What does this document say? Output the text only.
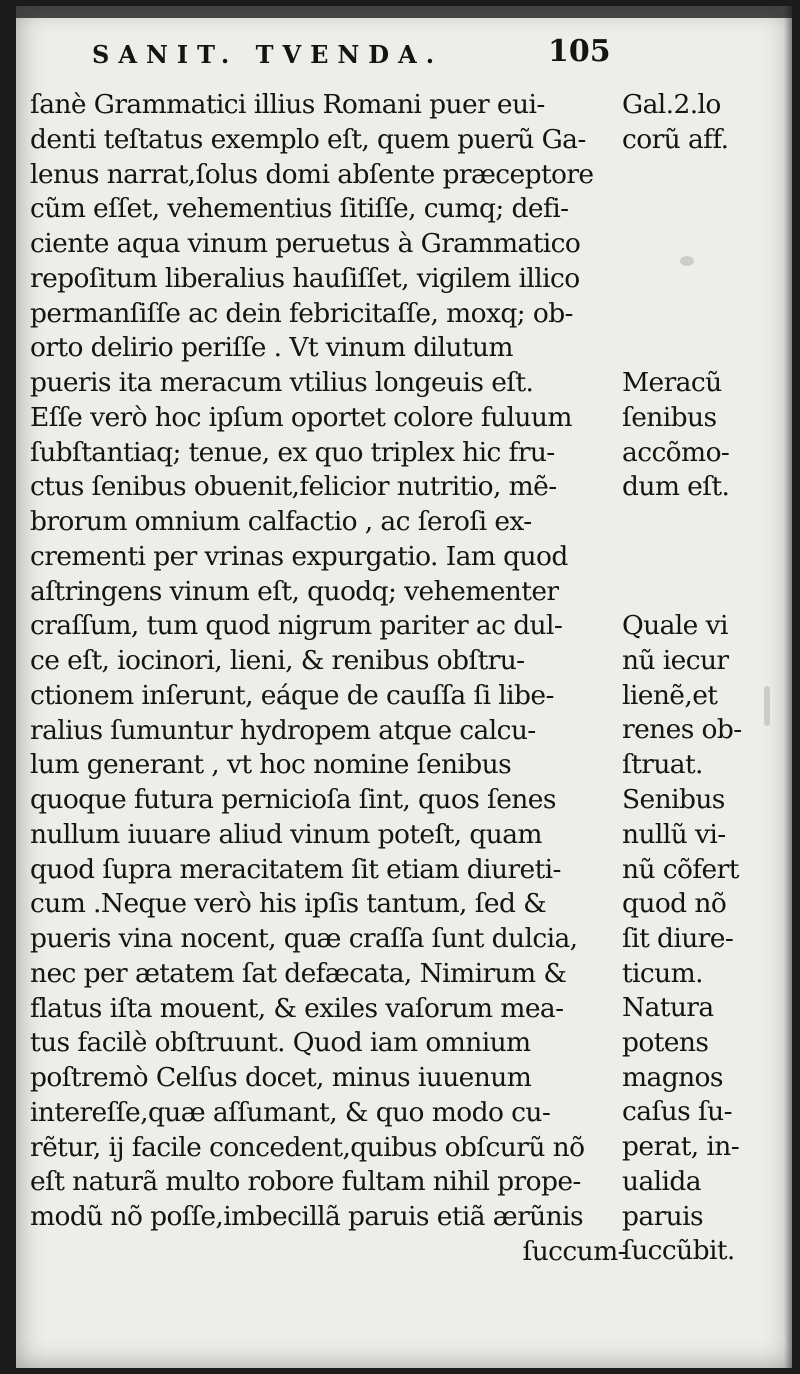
SANIT. TVENDA.	105
ſanè Grammatici illius Romani puer eui-
denti teſtatus exemplo eſt, quem puerũ Ga-
lenus narrat,ſolus domi abſente præceptore
cũm eſſet, vehementius ſitiſſe, cumq; defi-
ciente aqua vinum peruetus à Grammatico
repoſitum liberalius hauſiſſet, vigilem illico
permanſiſſe ac dein febricitaſſe, moxq; ob-
orto delirio periſſe . Vt vinum dilutum
pueris ita meracum vtilius longeuis eſt.
Eſſe verò hoc ipſum oportet colore fuluum
ſubſtantiaq; tenue, ex quo triplex hic fru-
ctus ſenibus obuenit,felicior nutritio, mẽ-
brorum omnium calfactio , ac ſeroſi ex-
crementi per vrinas expurgatio. Iam quod
aſtringens vinum eſt, quodq; vehementer
craſſum, tum quod nigrum pariter ac dul-
ce eſt, iocinori, lieni, & renibus obſtru-
ctionem inſerunt, eáque de cauſſa ſi libe-
ralius ſumuntur hydropem atque calcu-
lum generant , vt hoc nomine ſenibus
quoque futura pernicioſa ſint, quos ſenes
nullum iuuare aliud vinum poteſt, quam
quod ſupra meracitatem ſit etiam diureti-
cum .Neque verò his ipſis tantum, ſed &
pueris vina nocent, quæ craſſa ſunt dulcia,
nec per ætatem ſat defæcata, Nimirum &
flatus iſta mouent, & exiles vaſorum mea-
tus facilè obſtruunt. Quod iam omnium
poſtremò Celſus docet, minus iuuenum
intereſſe,quæ aſſumant, & quo modo cu-
rẽtur, ij facile concedent,quibus obſcurũ nõ
eſt naturã multo robore fultam nihil prope-
modũ nõ poſſe,imbecillã paruis etiã ærũnis
ſuccum-
Gal.2.lo
corũ aff.
Meracũ
ſenibus
accõmo-
dum eſt.
Quale vi
nũ iecur
lienẽ,et
renes ob-
ſtruat.
Senibus
nullũ vi-
nũ cõfert
quod nõ
ſit diure-
ticum.
Natura
potens
magnos
caſus ſu-
perat, in-
ualida
paruis
ſuccũbit.
